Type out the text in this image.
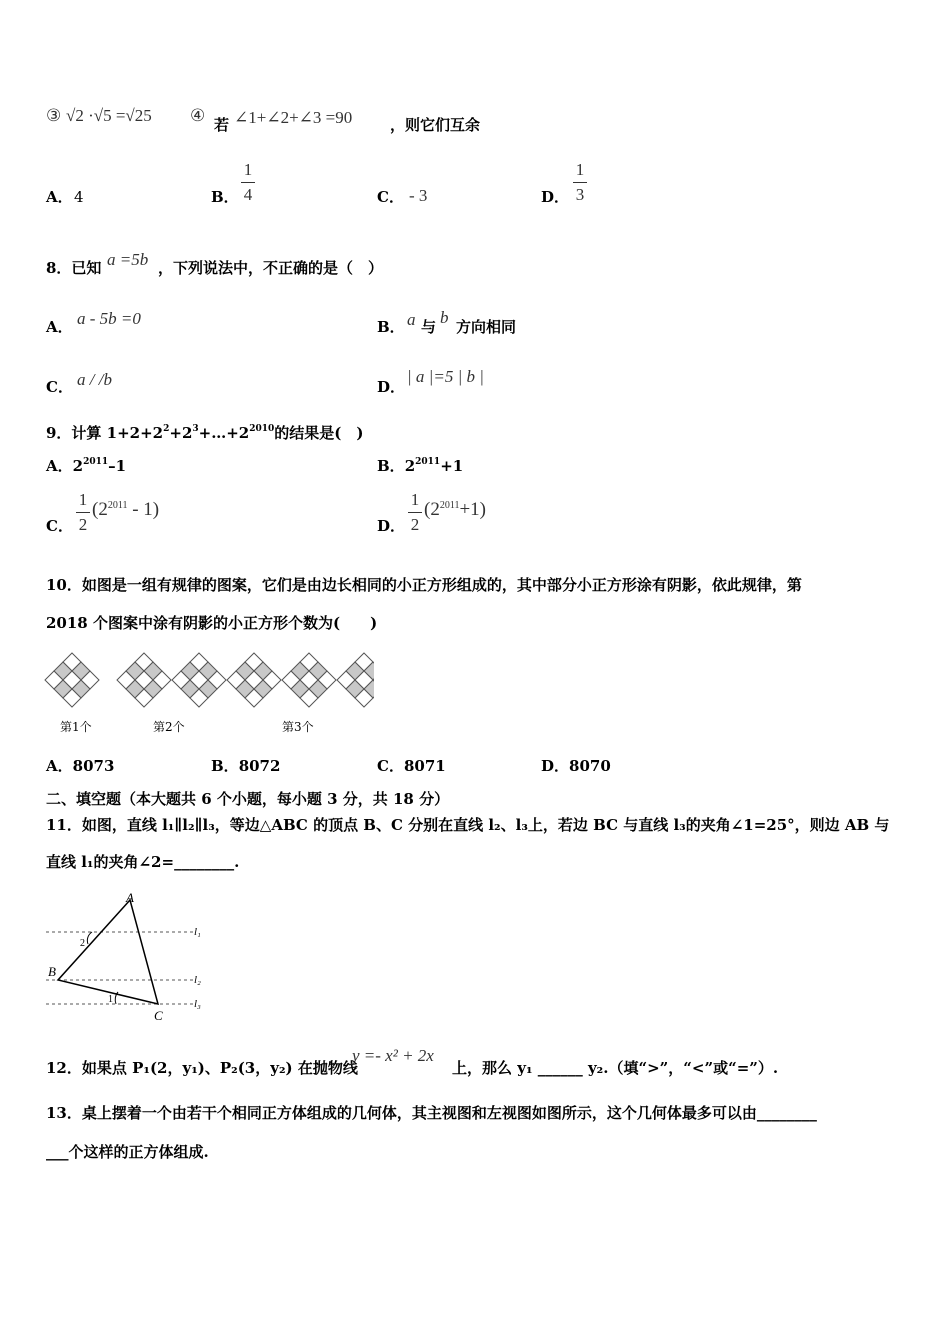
③ √2 ·√5 =√25 ④ 若 ∠1+∠2+∠3 =90	，则它们互余
A． 4	B．
1
4	C． - 3	D．
1
3
8．已知 a =5b ，下列说法中，不正确的是（　）
A． a - 5b =0	B． a 与 b 方向相同
C． a / /b	D．
| a |=5 | b |
9．计算 $1+2+2^2+2^3+\dots+2^{2010}$的结果是(　)
A．$2^{2011}-1$	B．$2^{2011}+1$
C．
1
2
$(2^{2011} - 1)$
D．
1
2
$(2^{2011}+1)$
10．如图是一组有规律的图案，它们是由边长相同的小正方形组成的，其中部分小正方形涂有阴影，依此规律，第
2018 个图案中涂有阴影的小正方形个数为(　　)
第1个	第2个	第3个
A．8073	B．8072	C．8071	D．8070
二、填空题（本大题共 6 个小题，每小题 3 分，共 18 分）
11．如图，直线 l₁∥l₂∥l₃，等边△ABC 的顶点 B、C 分别在直线 l₂、l₃上，若边 BC 与直线 l₃的夹角∠1=25°，则边 AB 与
直线 l₁的夹角∠2=________.
A
B
C
l₁
l₂
l₃
2
1
12．如果点 P₁(2，y₁)、P₂(3，y₂) 在抛物线
y =- x² + 2x
上，那么 y₁ ______ y₂.（填“>”，“<”或“=”）.
13．桌上摆着一个由若干个相同正方体组成的几何体，其主视图和左视图如图所示，这个几何体最多可以由________
___个这样的正方体组成.
